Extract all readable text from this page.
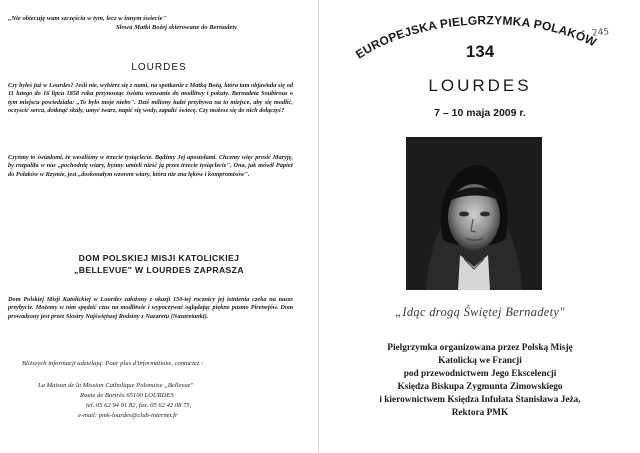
„Nie obiecuję wam szczęścia w tym, lecz w innym świecie"
Słowa Matki Bożej skierowane do Bernadety
LOURDES
Czy byłeś już w Lourdes? Jeśli nie, wybierz się z nami, na spotkanie z Matką Bożą, która tam objawiała się od 11 lutego do 16 lipca 1858 roku przynosząc światu wezwanie do modlitwy i pokuty. Bernadeta Soubirous o tym miejscu powiedziała: „To było moje niebo". Dziś miliony ludzi przybywa na to miejsce, aby się modlić, oczyścić serca, dotknąć skały, umyć twarz, napić się wody, zapalić świecę. Czy możesz się do nich dołączyć?
Czyńmy to świadomi, że weszliśmy w trzecie tysiąclecie. Bądźmy Jej apostołami. Chcemy więc prosić Maryję, by rozpaliła w nas „pochodnię wiary, byśmy umieli nieść ją przez trzecie tysiąclecie". Ona, jak mówił Papież do Polaków w Rzymie, jest „doskonałym wzorem wiary, która nie zna lęków i kompromisów".
DOM POLSKIEJ MISJI KATOLICKIEJ
„BELLEVUE" W LOURDES ZAPRASZA
Dom Polskiej Misji Katolickiej w Lourdes założony z okazji 150-tej rocznicy jej istnienia czeka na nasze przybycie. Możemy w nim spędzić czas na modlitwie i wypoczywać oglądając piękne pasmo Pirenejów. Dom prowadzony jest przez Siostry Najświętszej Rodziny z Nazaretu (Nazaretanki).
Bliższych informacji udzielają: Pour plus d'informations, contactez :
La Maison de la Mission Catholique Polonaise „Bellevue"
Route de Bartrès 65100 LOURDES
tel. 05 62 94 91 82, fax. 05 62 42 08 75,
e-mail: pmk-lourdes@club-internet.fr
EUROPEJSKA PIELGRZYMKA POLAKÓW
245
134
LOURDES
7 – 10 maja 2009 r.
„Idąc drogą Świętej Bernadety"
Pielgrzymka organizowana przez Polską Misję
Katolicką we Francji
pod przewodnictwem Jego Ekscelencji
Księdza Biskupa Zygmunta Zimowskiego
i kierownictwem Księdza Infułata Stanisława Jeża,
Rektora PMK
